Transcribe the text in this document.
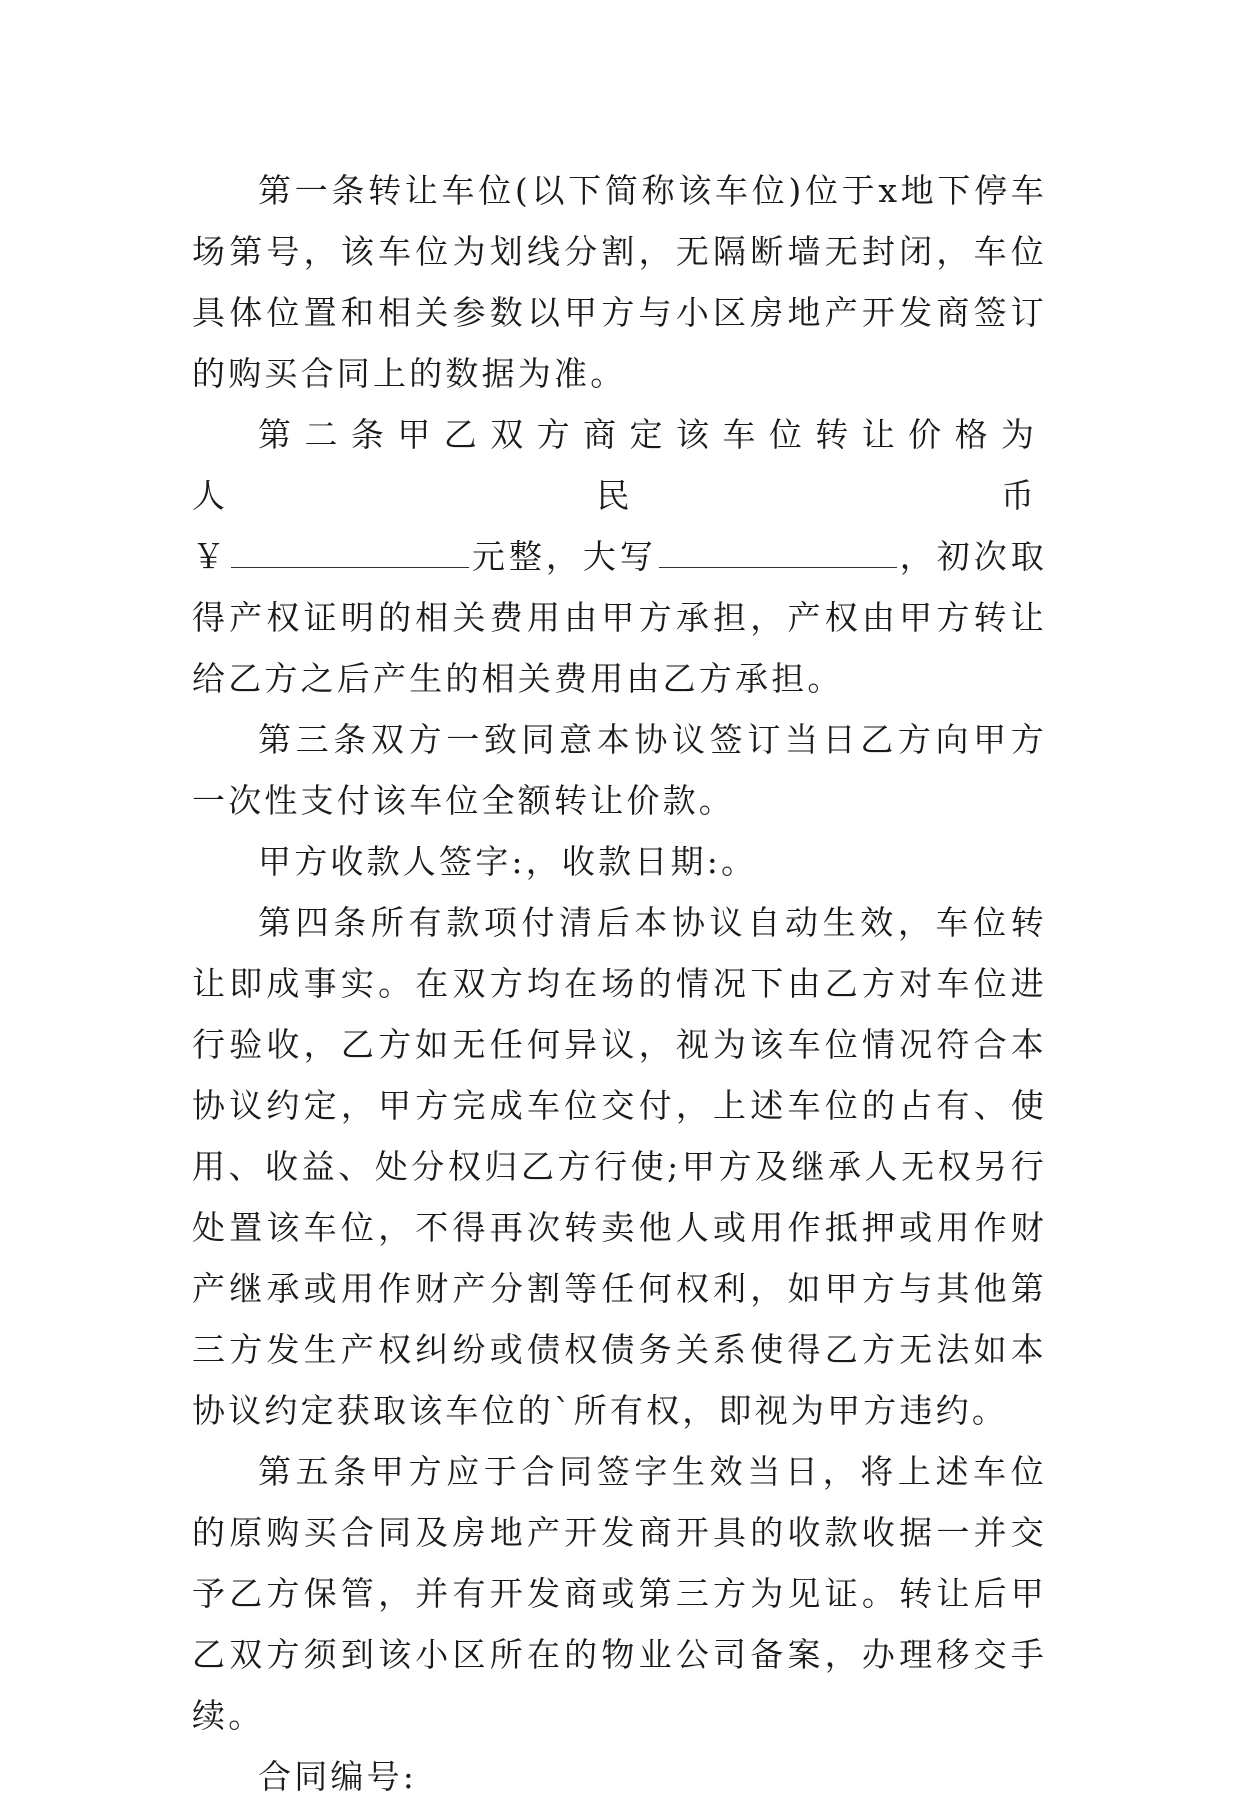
第一条转让车位(以下简称该车位)位于x地下停车场第号，该车位为划线分割，无隔断墙无封闭，车位具体位置和相关参数以甲方与小区房地产开发商签订的购买合同上的数据为准。

第二条甲乙双方商定该车位转让价格为人民币

￥	元整，大写	，初次取得产权证明的相关费用由甲方承担，产权由甲方转让给乙方之后产生的相关费用由乙方承担。

第三条双方一致同意本协议签订当日乙方向甲方一次性支付该车位全额转让价款。

甲方收款人签字:，收款日期:。

第四条所有款项付清后本协议自动生效，车位转让即成事实。在双方均在场的情况下由乙方对车位进行验收，乙方如无任何异议，视为该车位情况符合本协议约定，甲方完成车位交付，上述车位的占有、使用、收益、处分权归乙方行使;甲方及继承人无权另行处置该车位，不得再次转卖他人或用作抵押或用作财产继承或用作财产分割等任何权利，如甲方与其他第三方发生产权纠纷或债权债务关系使得乙方无法如本协议约定获取该车位的`所有权，即视为甲方违约。

第五条甲方应于合同签字生效当日，将上述车位的原购买合同及房地产开发商开具的收款收据一并交予乙方保管，并有开发商或第三方为见证。转让后甲乙双方须到该小区所在的物业公司备案，办理移交手续。

合同编号:
